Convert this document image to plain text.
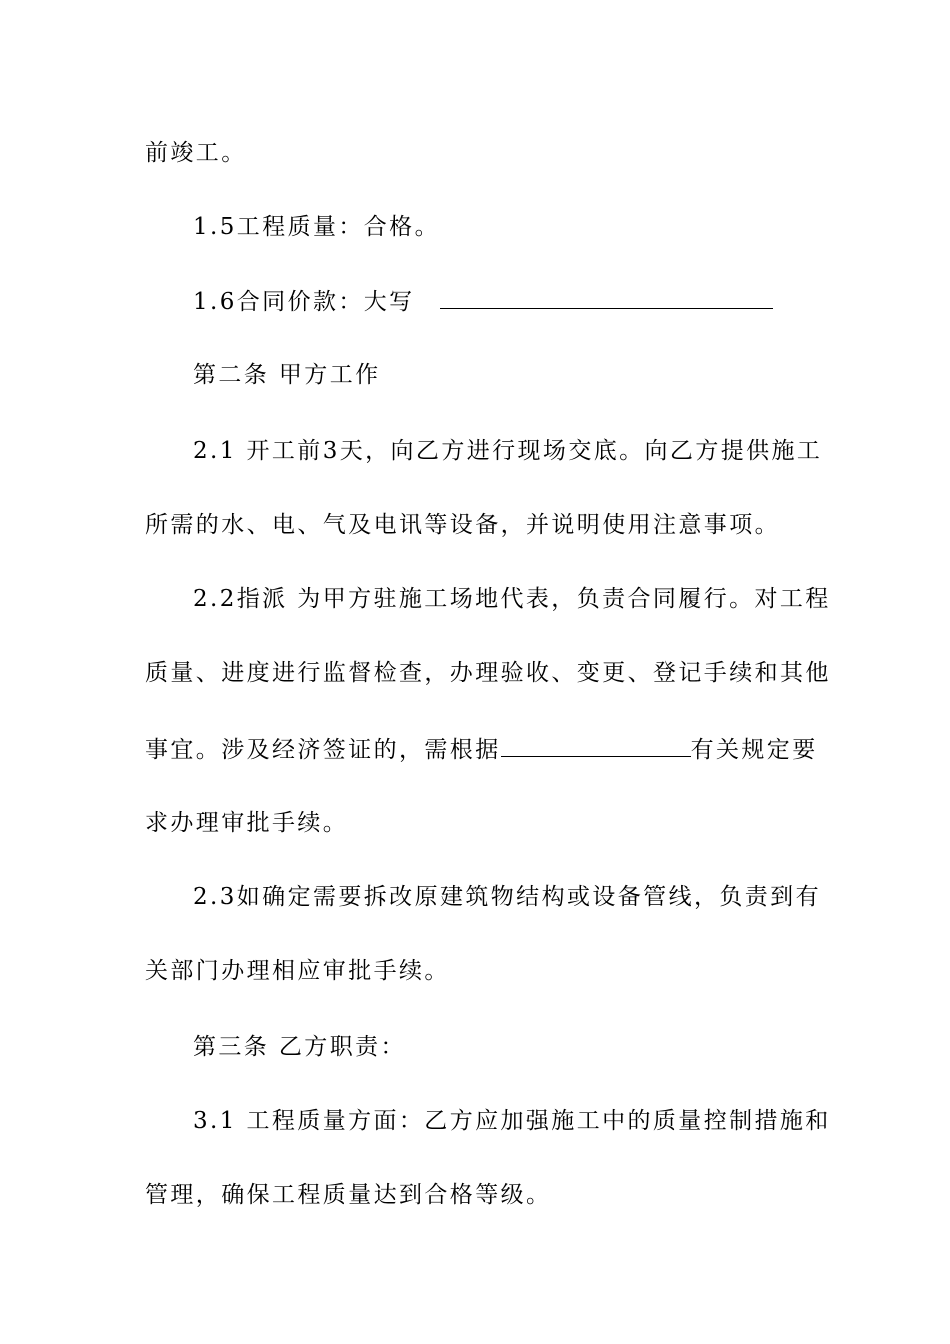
前竣工。
1.5工程质量：合格。
1.6合同价款：大写
第二条 甲方工作
2.1 开工前3天，向乙方进行现场交底。向乙方提供施工
所需的水、电、气及电讯等设备，并说明使用注意事项。
2.2指派 为甲方驻施工场地代表，负责合同履行。对工程
质量、进度进行监督检查，办理验收、变更、登记手续和其他
事宜。涉及经济签证的，需根据	有关规定要
求办理审批手续。
2.3如确定需要拆改原建筑物结构或设备管线，负责到有
关部门办理相应审批手续。
第三条 乙方职责：
3.1 工程质量方面：乙方应加强施工中的质量控制措施和
管理，确保工程质量达到合格等级。
